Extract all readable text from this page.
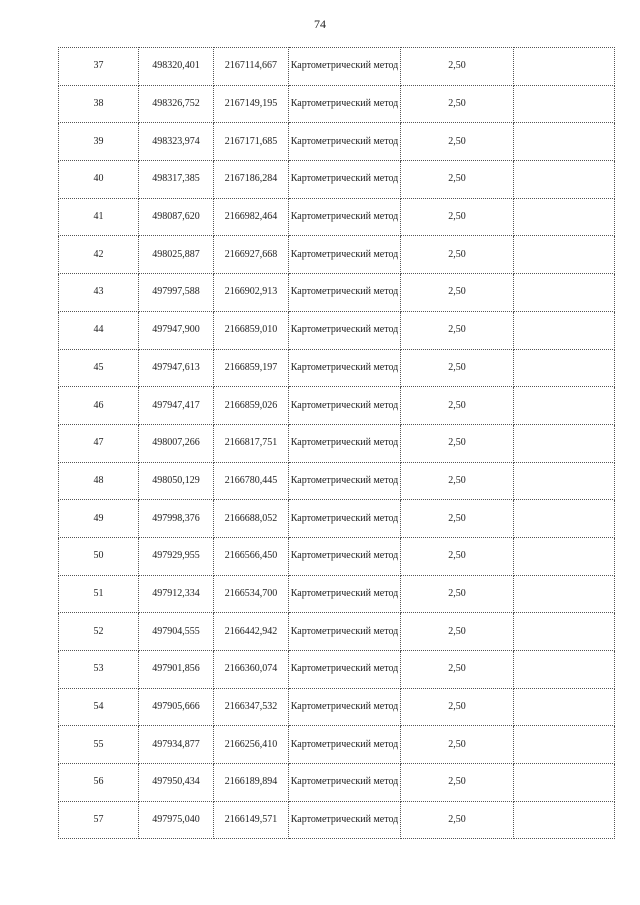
74
37	498320,401	2167114,667	Картометрический метод	2,50	
38	498326,752	2167149,195	Картометрический метод	2,50	
39	498323,974	2167171,685	Картометрический метод	2,50	
40	498317,385	2167186,284	Картометрический метод	2,50	
41	498087,620	2166982,464	Картометрический метод	2,50	
42	498025,887	2166927,668	Картометрический метод	2,50	
43	497997,588	2166902,913	Картометрический метод	2,50	
44	497947,900	2166859,010	Картометрический метод	2,50	
45	497947,613	2166859,197	Картометрический метод	2,50	
46	497947,417	2166859,026	Картометрический метод	2,50	
47	498007,266	2166817,751	Картометрический метод	2,50	
48	498050,129	2166780,445	Картометрический метод	2,50	
49	497998,376	2166688,052	Картометрический метод	2,50	
50	497929,955	2166566,450	Картометрический метод	2,50	
51	497912,334	2166534,700	Картометрический метод	2,50	
52	497904,555	2166442,942	Картометрический метод	2,50	
53	497901,856	2166360,074	Картометрический метод	2,50	
54	497905,666	2166347,532	Картометрический метод	2,50	
55	497934,877	2166256,410	Картометрический метод	2,50	
56	497950,434	2166189,894	Картометрический метод	2,50	
57	497975,040	2166149,571	Картометрический метод	2,50	
